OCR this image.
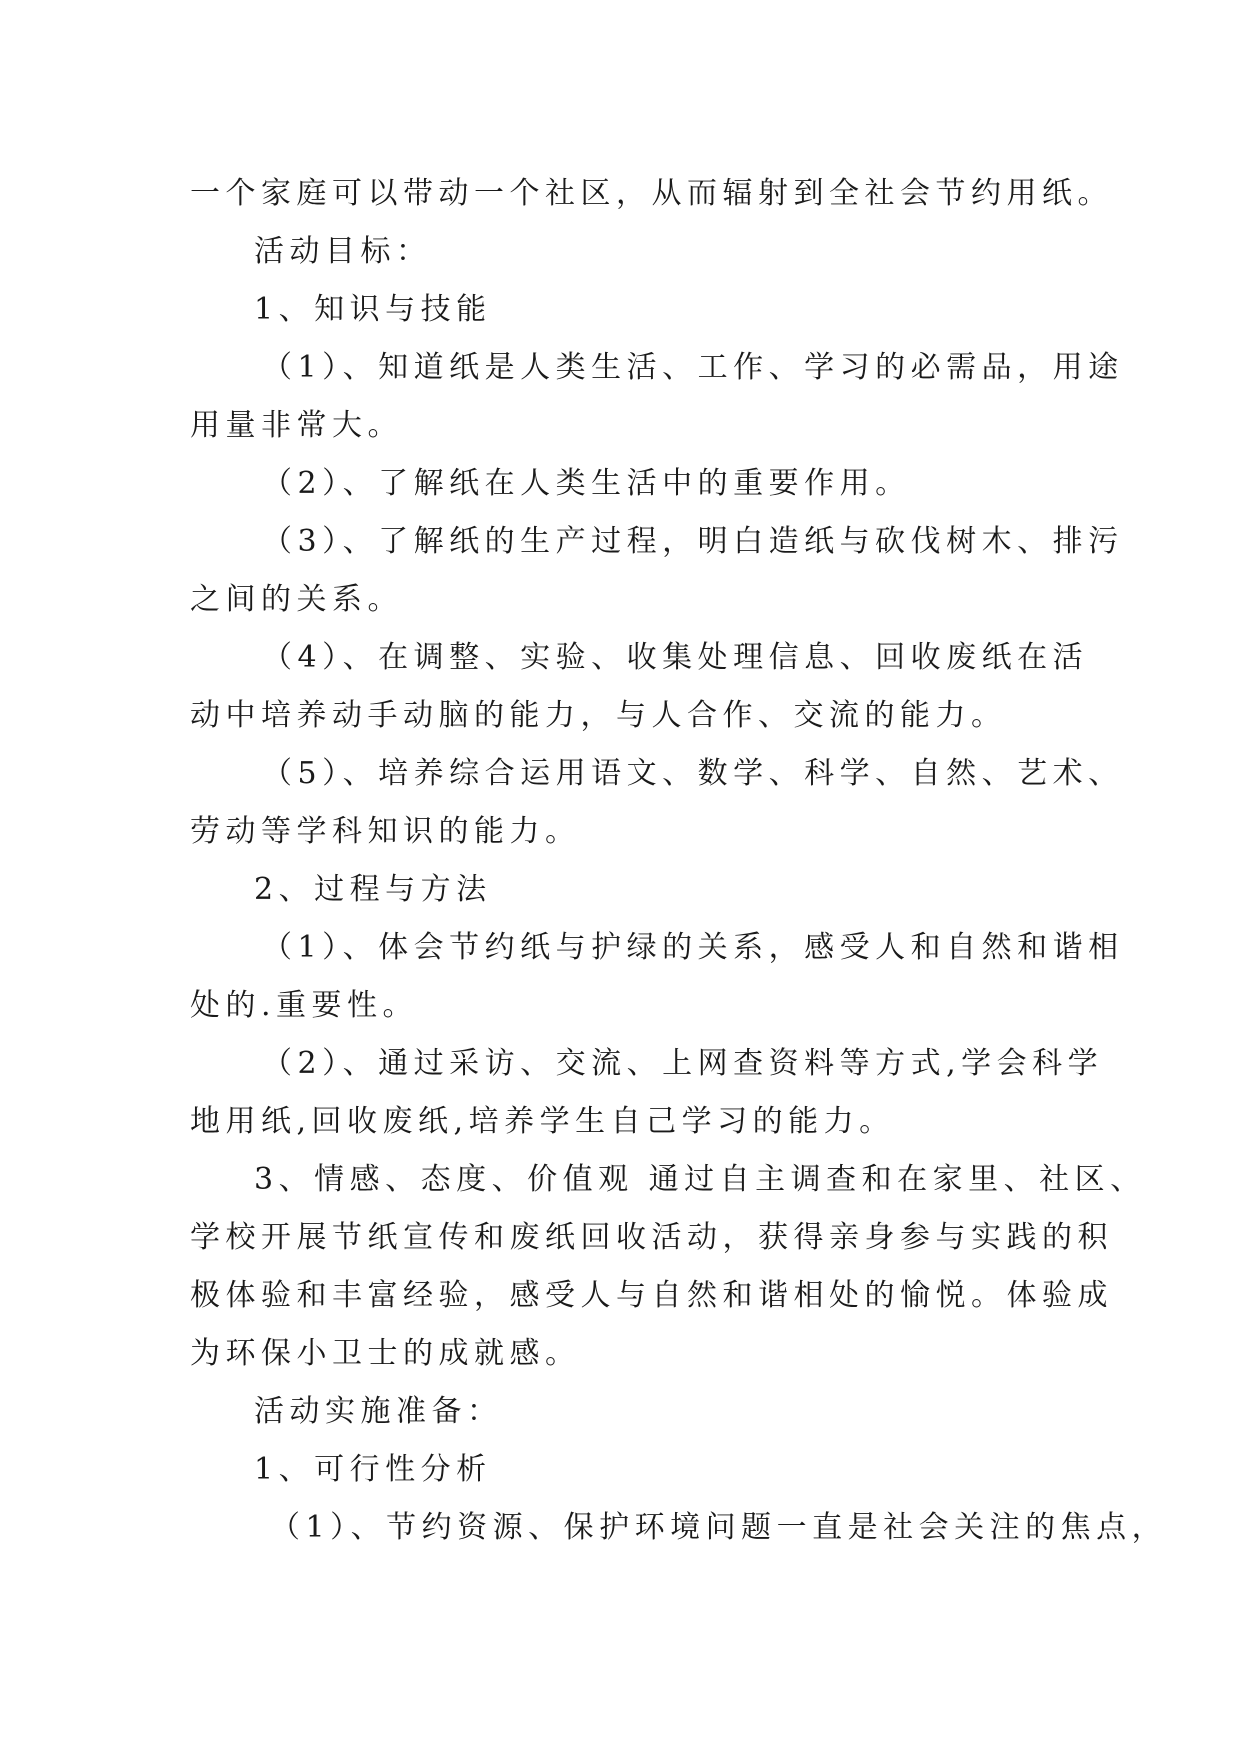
一个家庭可以带动一个社区，从而辐射到全社会节约用纸。
活动目标：
1、知识与技能
（1）、知道纸是人类生活、工作、学习的必需品，用途
用量非常大。
（2）、了解纸在人类生活中的重要作用。
（3）、了解纸的生产过程，明白造纸与砍伐树木、排污
之间的关系。
（4）、在调整、实验、收集处理信息、回收废纸在活
动中培养动手动脑的能力，与人合作、交流的能力。
（5）、培养综合运用语文、数学、科学、自然、艺术、
劳动等学科知识的能力。
2、过程与方法
（1）、体会节约纸与护绿的关系，感受人和自然和谐相
处的.重要性。
（2）、通过采访、交流、上网查资料等方式,学会科学
地用纸,回收废纸,培养学生自己学习的能力。
3、情感、态度、价值观 通过自主调查和在家里、社区、
学校开展节纸宣传和废纸回收活动，获得亲身参与实践的积
极体验和丰富经验，感受人与自然和谐相处的愉悦。体验成
为环保小卫士的成就感。
活动实施准备：
1、可行性分析
（1）、节约资源、保护环境问题一直是社会关注的焦点，
